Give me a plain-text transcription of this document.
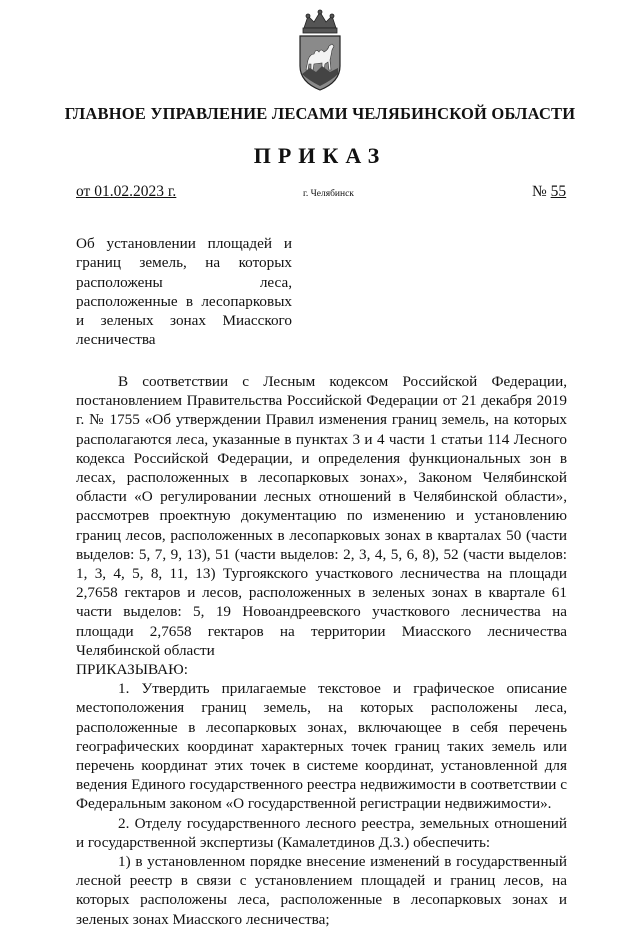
ГЛАВНОЕ УПРАВЛЕНИЕ ЛЕСАМИ ЧЕЛЯБИНСКОЙ ОБЛАСТИ
ПРИКАЗ
от 01.02.2023 г.	г. Челябинск	№ 55
Об установлении площадей и границ земель, на которых расположены леса, расположенные в лесопарковых и зеленых зонах Миасского лесничества

В соответствии с Лесным кодексом Российской Федерации, постановлением Правительства Российской Федерации от 21 декабря 2019 г. № 1755 «Об утверждении Правил изменения границ земель, на которых располагаются леса, указанные в пунктах 3 и 4 части 1 статьи 114 Лесного кодекса Российской Федерации, и определения функциональных зон в лесах, расположенных в лесопарковых зонах», Законом Челябинской области «О регулировании лесных отношений в Челябинской области», рассмотрев проектную документацию по изменению и установлению границ лесов, расположенных в лесопарковых зонах в кварталах 50 (части выделов: 5, 7, 9, 13), 51 (части выделов: 2, 3, 4, 5, 6, 8), 52 (части выделов: 1, 3, 4, 5, 8, 11, 13) Тургоякского участкового лесничества на площади 2,7658 гектаров и лесов, расположенных в зеленых зонах в квартале 61 части выделов: 5, 19 Новоандреевского участкового лесничества на площади 2,7658 гектаров на территории Миасского лесничества Челябинской области

ПРИКАЗЫВАЮ:

1. Утвердить прилагаемые текстовое и графическое описание местоположения границ земель, на которых расположены леса, расположенные в лесопарковых зонах, включающее в себя перечень географических координат характерных точек границ таких земель или перечень координат этих точек в системе координат, установленной для ведения Единого государственного реестра недвижимости в соответствии с Федеральным законом «О государственной регистрации недвижимости».

2. Отделу государственного лесного реестра, земельных отношений и государственной экспертизы (Камалетдинов Д.З.) обеспечить:

1) в установленном порядке внесение изменений в государственный лесной реестр в связи с установлением площадей и границ лесов, на которых расположены леса, расположенные в лесопарковых зонах и зеленых зонах Миасского лесничества;
